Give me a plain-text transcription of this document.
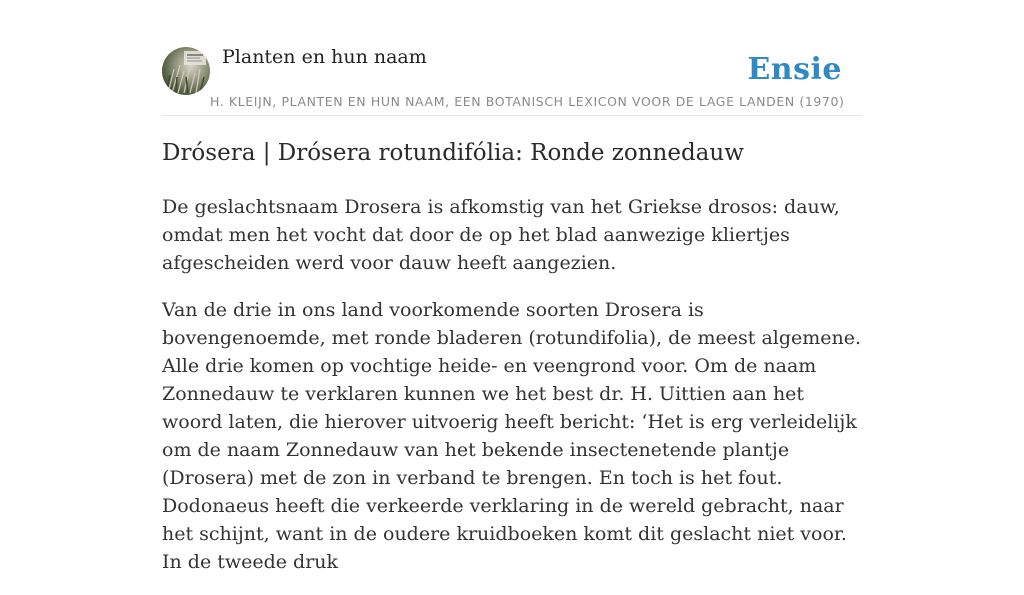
Planten en hun naam	Ensie
H. KLEIJN, PLANTEN EN HUN NAAM, EEN BOTANISCH LEXICON VOOR DE LAGE LANDEN (1970)
Drósera | Drósera rotundifólia: Ronde zonnedauw

De geslachtsnaam Drosera is afkomstig van het Griekse drosos: dauw, omdat men het vocht dat door de op het blad aanwezige kliertjes afgescheiden werd voor dauw heeft aangezien.

Van de drie in ons land voorkomende soorten Drosera is bovengenoemde, met ronde bladeren (rotundifolia), de meest algemene. Alle drie komen op vochtige heide- en veengrond voor. Om de naam Zonnedauw te verklaren kunnen we het best dr. H. Uittien aan het woord laten, die hierover uitvoerig heeft bericht: ‘Het is erg verleidelijk om de naam Zonnedauw van het bekende insectenetende plantje (Drosera) met de zon in verband te brengen. En toch is het fout. Dodonaeus heeft die verkeerde verklaring in de wereld gebracht, naar het schijnt, want in de oudere kruidboeken komt dit geslacht niet voor. In de tweede druk
